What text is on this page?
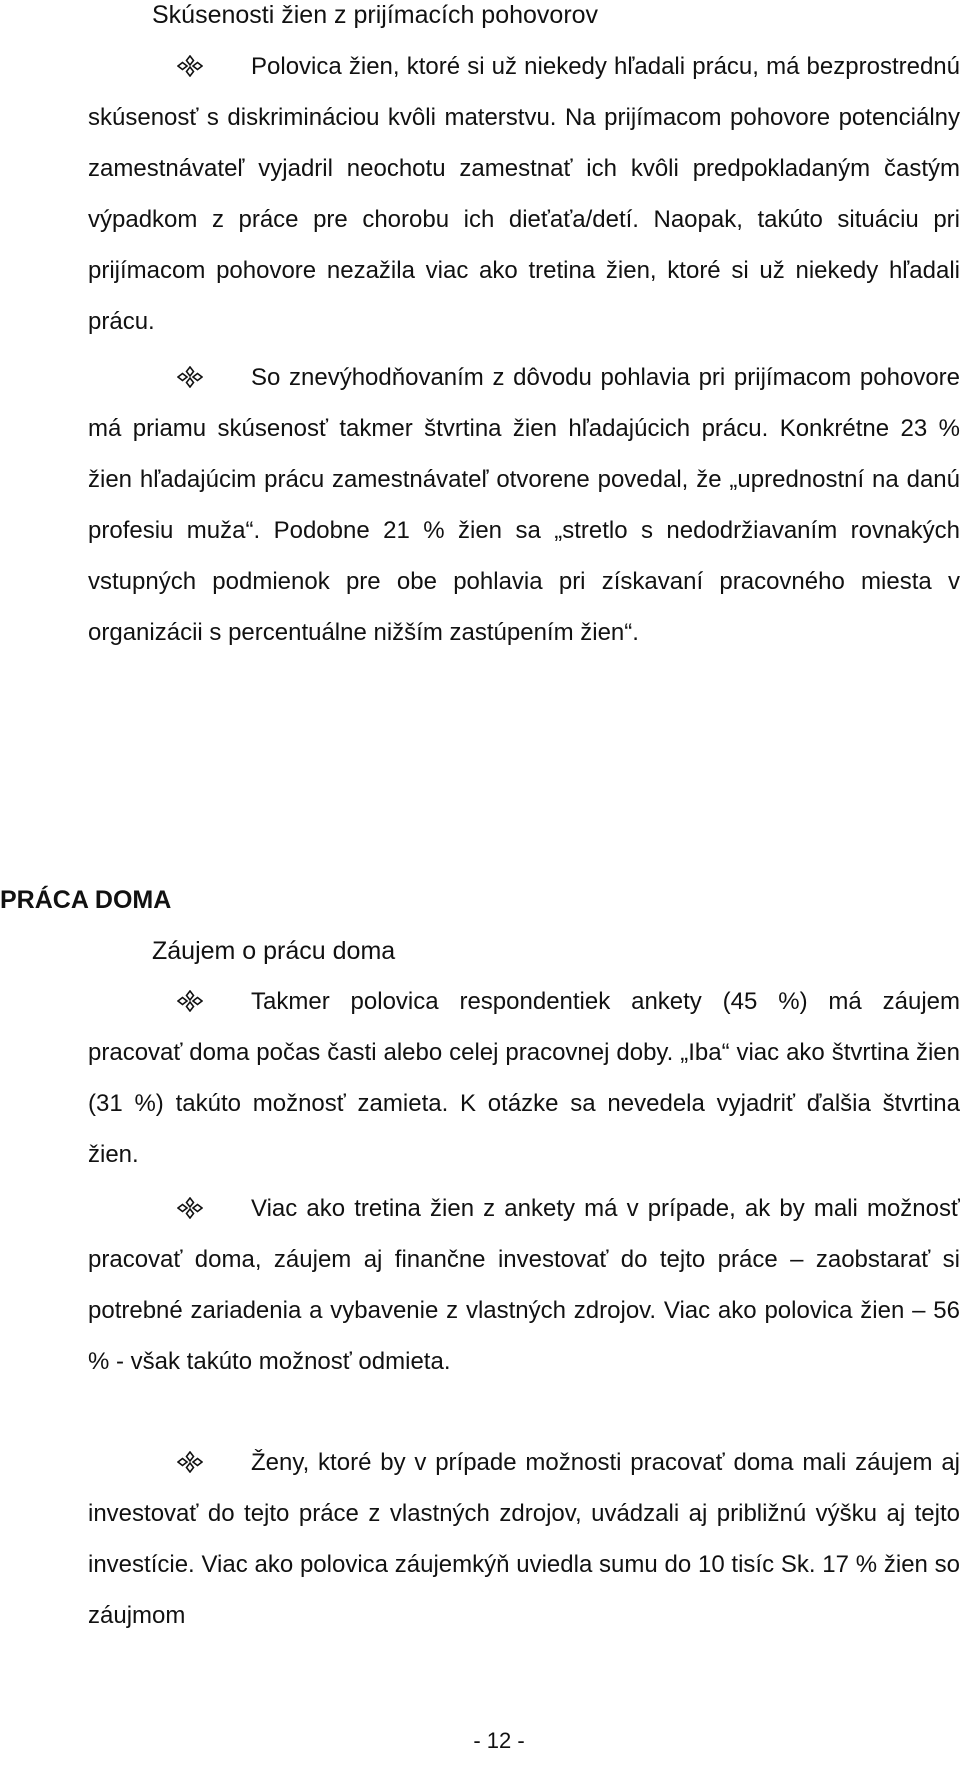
Skúsenosti žien z prijímacích pohovorov

Polovica žien, ktoré si už niekedy hľadali prácu, má bezprostrednú skúsenosť s diskrimináciou kvôli materstvu. Na prijímacom pohovore potenciálny zamestnávateľ vyjadril neochotu zamestnať ich kvôli predpokladaným častým výpadkom z práce pre chorobu ich dieťaťa/detí. Naopak, takúto situáciu pri prijímacom pohovore nezažila viac ako tretina žien, ktoré si už niekedy hľadali prácu.

So znevýhodňovaním z dôvodu pohlavia pri prijímacom pohovore má priamu skúsenosť takmer štvrtina žien hľadajúcich prácu. Konkrétne 23 % žien hľadajúcim prácu zamestnávateľ otvorene povedal, že „uprednostní na danú profesiu muža“. Podobne 21 % žien sa „stretlo s nedodržiavaním rovnakých vstupných podmienok pre obe pohlavia pri získavaní pracovného miesta v organizácii s percentuálne nižším zastúpením žien“.

PRÁCA DOMA
Záujem o prácu doma

Takmer polovica respondentiek ankety (45 %) má záujem pracovať doma počas časti alebo celej pracovnej doby. „Iba“ viac ako štvrtina žien (31 %) takúto možnosť zamieta. K otázke sa nevedela vyjadriť ďalšia štvrtina žien.

Viac ako tretina žien z ankety má v prípade, ak by mali možnosť pracovať doma, záujem aj finančne investovať do tejto práce – zaobstarať si potrebné zariadenia a vybavenie z vlastných zdrojov. Viac ako polovica žien – 56 % - však takúto možnosť odmieta.

Ženy, ktoré by v prípade možnosti pracovať doma mali záujem aj investovať do tejto práce z vlastných zdrojov, uvádzali aj približnú výšku aj tejto investície. Viac ako polovica záujemkýň uviedla sumu do 10 tisíc Sk. 17 % žien so záujmom

- 12 -
